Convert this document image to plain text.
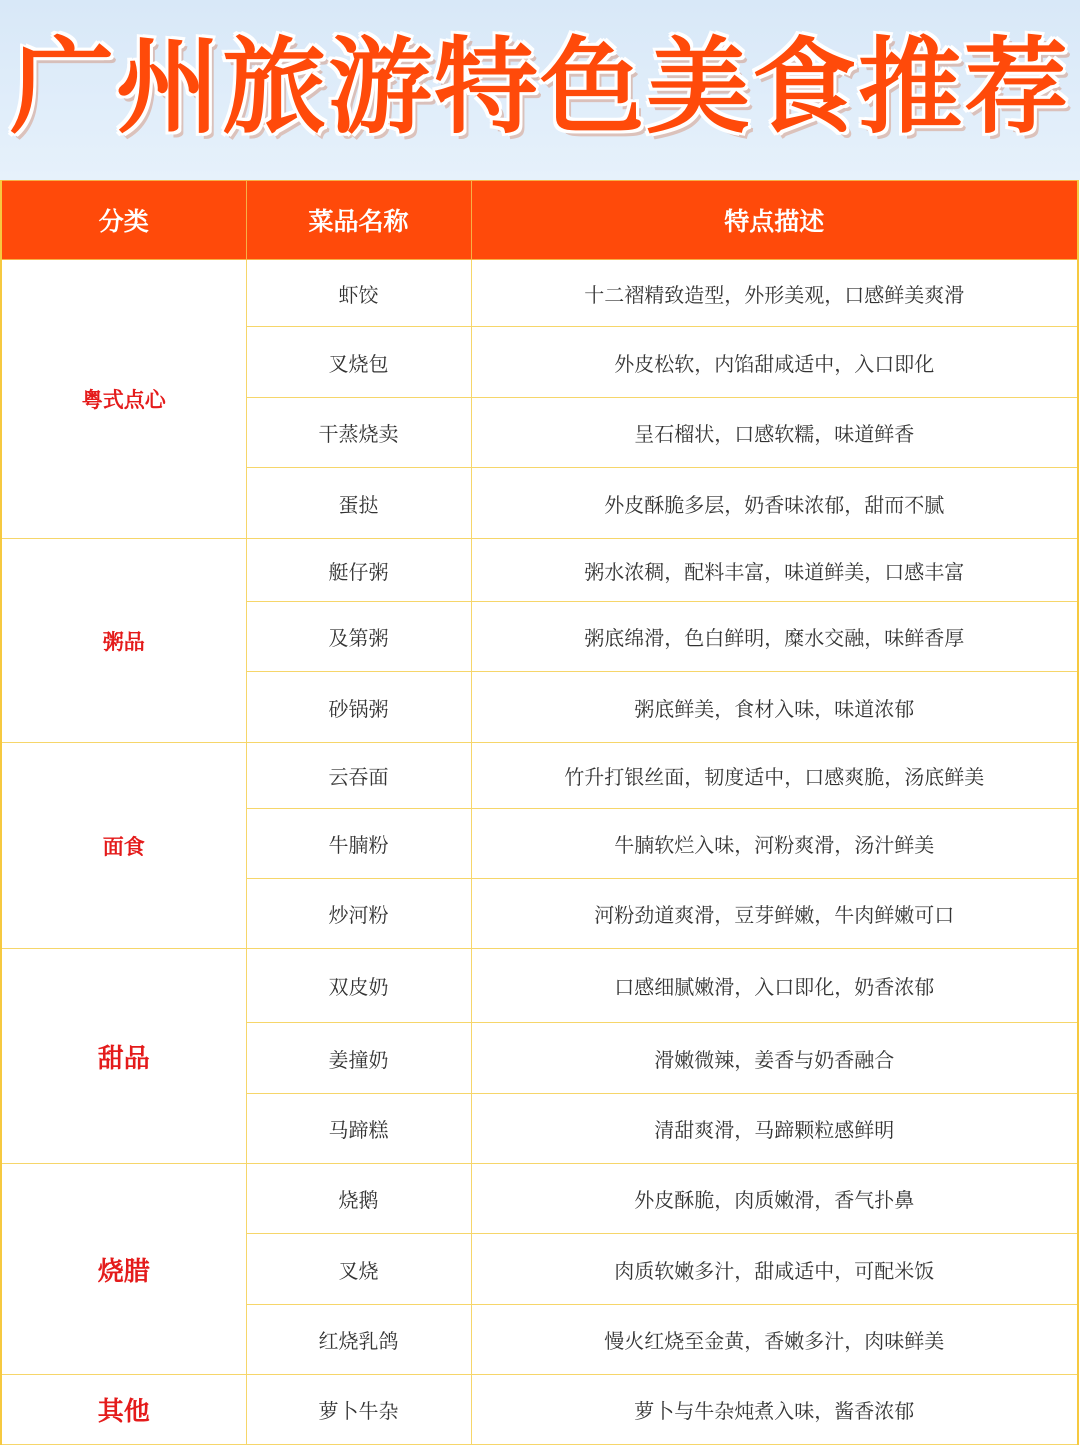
广州旅游特色美食推荐
分类	菜品名称	特点描述
粤式点心	虾饺	十二褶精致造型，外形美观，口感鲜美爽滑
	叉烧包	外皮松软，内馅甜咸适中，入口即化
	干蒸烧卖	呈石榴状，口感软糯，味道鲜香
	蛋挞	外皮酥脆多层，奶香味浓郁，甜而不腻
粥品	艇仔粥	粥水浓稠，配料丰富，味道鲜美，口感丰富
	及第粥	粥底绵滑，色白鲜明，糜水交融，味鲜香厚
	砂锅粥	粥底鲜美，食材入味，味道浓郁
面食	云吞面	竹升打银丝面，韧度适中，口感爽脆，汤底鲜美
	牛腩粉	牛腩软烂入味，河粉爽滑，汤汁鲜美
	炒河粉	河粉劲道爽滑，豆芽鲜嫩，牛肉鲜嫩可口
甜品	双皮奶	口感细腻嫩滑，入口即化，奶香浓郁
	姜撞奶	滑嫩微辣，姜香与奶香融合
	马蹄糕	清甜爽滑，马蹄颗粒感鲜明
烧腊	烧鹅	外皮酥脆，肉质嫩滑，香气扑鼻
	叉烧	肉质软嫩多汁，甜咸适中，可配米饭
	红烧乳鸽	慢火红烧至金黄，香嫩多汁，肉味鲜美
其他	萝卜牛杂	萝卜与牛杂炖煮入味，酱香浓郁
